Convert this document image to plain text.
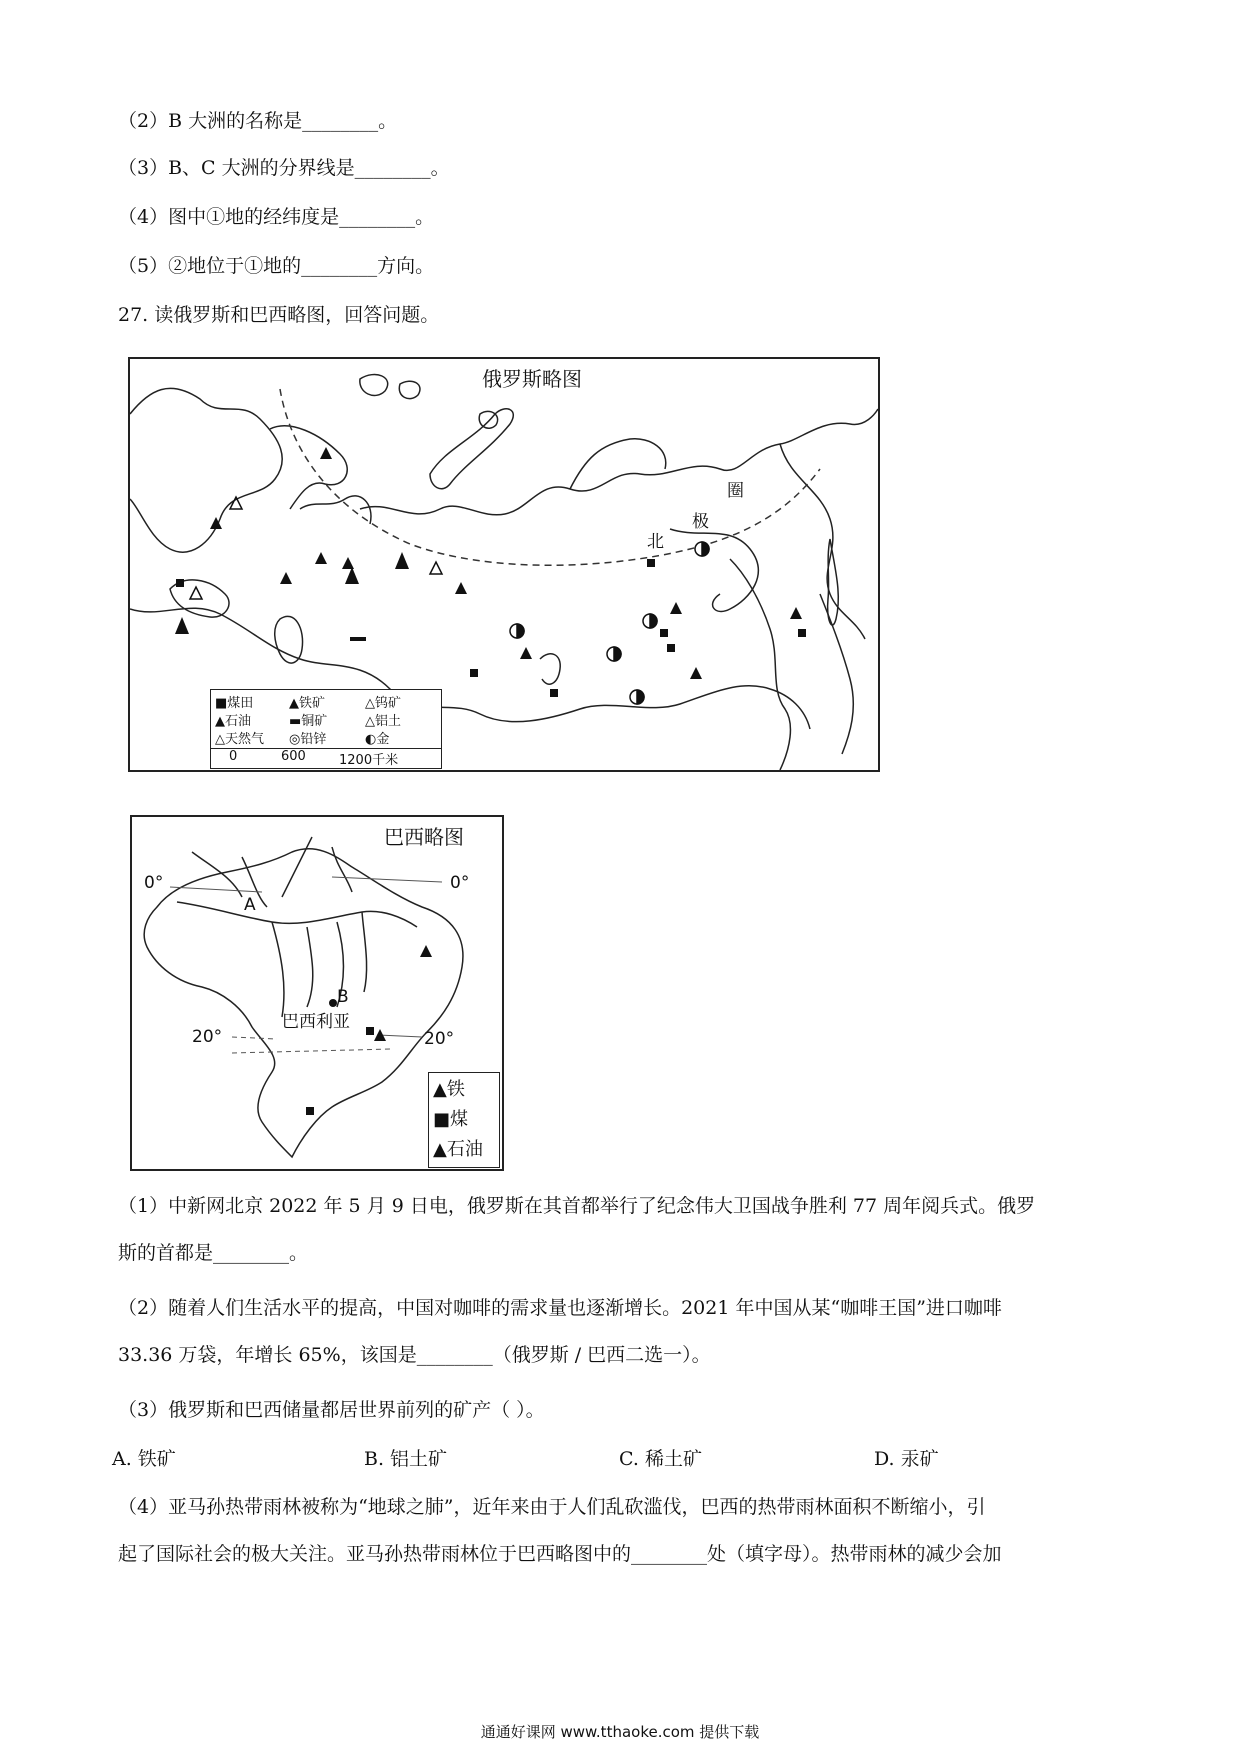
（2）B 大洲的名称是________。
（3）B、C 大洲的分界线是________。
（4）图中①地的经纬度是________。
（5）②地位于①地的________方向。
27. 读俄罗斯和巴西略图，回答问题。
俄罗斯略图
北
极
圈
■煤田	▲铁矿	△钨矿
▲石油	▬铜矿	△铝土
△天然气 ◎铅锌	◐金
0	600	1200千米
巴西略图
0°	0°
20°	20°
A
B
巴西利亚
▲铁
■煤
▲石油
（1）中新网北京 2022 年 5 月 9 日电，俄罗斯在其首都举行了纪念伟大卫国战争胜利 77 周年阅兵式。俄罗
斯的首都是________。
（2）随着人们生活水平的提高，中国对咖啡的需求量也逐渐增长。2021 年中国从某“咖啡王国”进口咖啡
33.36 万袋，年增长 65%，该国是________（俄罗斯 / 巴西二选一）。
（3）俄罗斯和巴西储量都居世界前列的矿产（ ）。
A. 铁矿	B. 铝土矿	C. 稀土矿	D. 汞矿
（4）亚马孙热带雨林被称为“地球之肺”，近年来由于人们乱砍滥伐，巴西的热带雨林面积不断缩小，引
起了国际社会的极大关注。亚马孙热带雨林位于巴西略图中的________处（填字母）。热带雨林的减少会加
通通好课网 www.tthaoke.com 提供下载
